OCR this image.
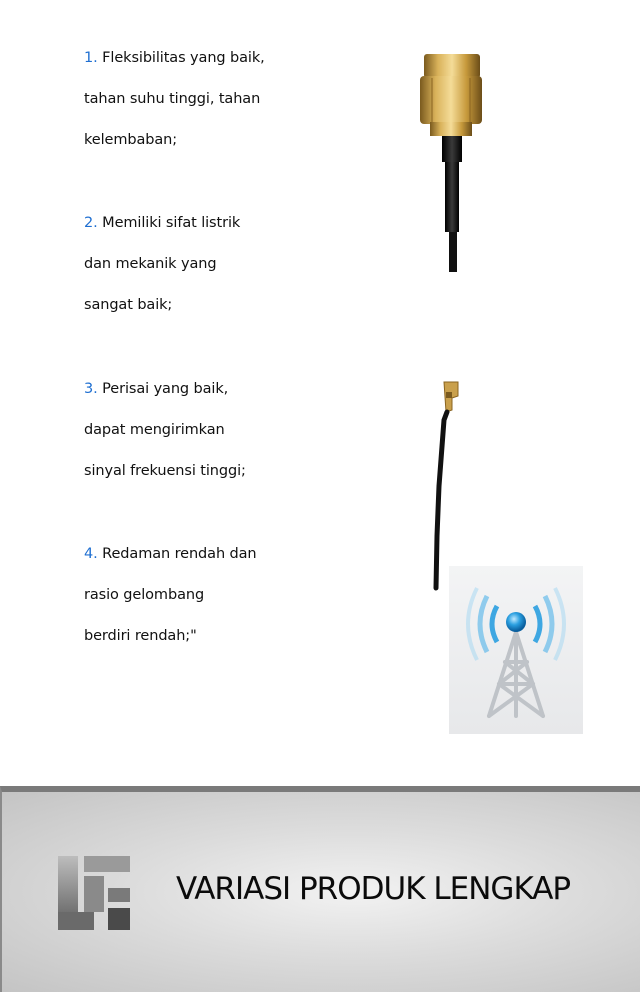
1. Fleksibilitas yang baik,
tahan suhu tinggi, tahan
kelembaban;
2. Memiliki sifat listrik
dan mekanik yang
sangat baik;
3. Perisai yang baik,
dapat mengirimkan
sinyal frekuensi tinggi;
4. Redaman rendah dan
rasio gelombang
berdiri rendah;"
VARIASI PRODUK LENGKAP
